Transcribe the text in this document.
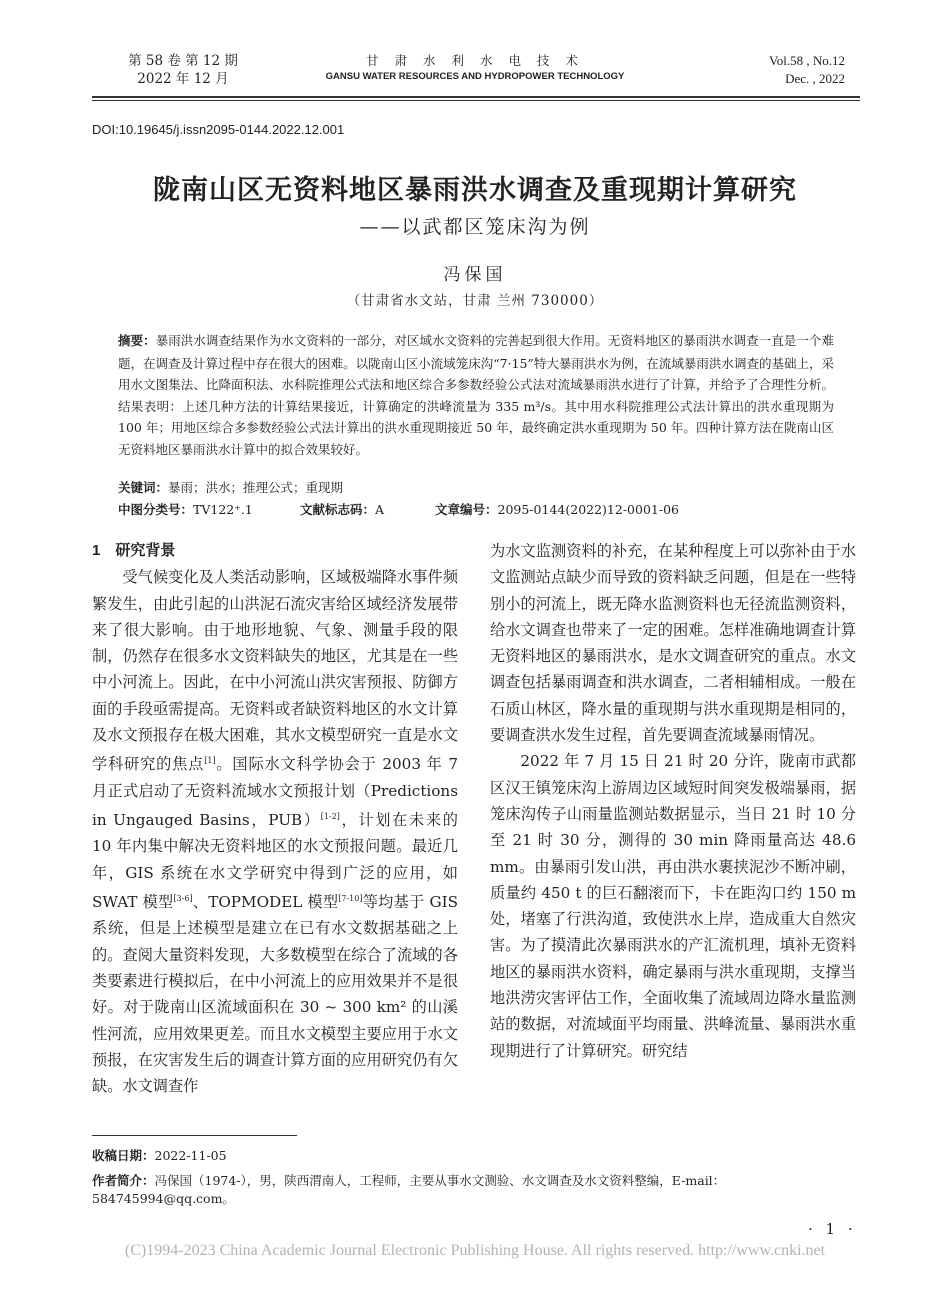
第 58 卷 第 12 期
2022 年 12 月
甘 肃 水 利 水 电 技 术
GANSU WATER RESOURCES AND HYDROPOWER TECHNOLOGY
Vol.58 , No.12
Dec. , 2022
DOI:10.19645/j.issn2095-0144.2022.12.001
陇南山区无资料地区暴雨洪水调查及重现期计算研究
——以武都区笼床沟为例
冯保国
（甘肃省水文站，甘肃 兰州 730000）
摘要：暴雨洪水调查结果作为水文资料的一部分，对区域水文资料的完善起到很大作用。无资料地区的暴雨洪水调查一直是一个难题，在调查及计算过程中存在很大的困难。以陇南山区小流域笼床沟“7·15”特大暴雨洪水为例，在流域暴雨洪水调查的基础上，采用水文图集法、比降面积法、水科院推理公式法和地区综合多参数经验公式法对流域暴雨洪水进行了计算，并给予了合理性分析。结果表明：上述几种方法的计算结果接近，计算确定的洪峰流量为 335 m³/s。其中用水科院推理公式法计算出的洪水重现期为 100 年；用地区综合多参数经验公式法计算出的洪水重现期接近 50 年，最终确定洪水重现期为 50 年。四种计算方法在陇南山区无资料地区暴雨洪水计算中的拟合效果较好。
关键词：暴雨；洪水；推理公式；重现期
中图分类号：TV122⁺.1	文献标志码：A	文章编号：2095-0144(2022)12-0001-06

1　研究背景

受气候变化及人类活动影响，区域极端降水事件频繁发生，由此引起的山洪泥石流灾害给区域经济发展带来了很大影响。由于地形地貌、气象、测量手段的限制，仍然存在很多水文资料缺失的地区，尤其是在一些中小河流上。因此，在中小河流山洪灾害预报、防御方面的手段亟需提高。无资料或者缺资料地区的水文计算及水文预报存在极大困难，其水文模型研究一直是水文学科研究的焦点[1]。国际水文科学协会于 2003 年 7 月正式启动了无资料流域水文预报计划（Predictions in Ungauged Basins，PUB）[1-2]，计划在未来的 10 年内集中解决无资料地区的水文预报问题。最近几年，GIS 系统在水文学研究中得到广泛的应用，如 SWAT 模型[3-6]、TOPMODEL 模型[7-10]等均基于 GIS 系统，但是上述模型是建立在已有水文数据基础之上的。查阅大量资料发现，大多数模型在综合了流域的各类要素进行模拟后，在中小河流上的应用效果并不是很好。对于陇南山区流域面积在 30 ~ 300 km² 的山溪性河流，应用效果更差。而且水文模型主要应用于水文预报，在灾害发生后的调查计算方面的应用研究仍有欠缺。水文调查作

为水文监测资料的补充，在某种程度上可以弥补由于水文监测站点缺少而导致的资料缺乏问题，但是在一些特别小的河流上，既无降水监测资料也无径流监测资料，给水文调查也带来了一定的困难。怎样准确地调查计算无资料地区的暴雨洪水，是水文调查研究的重点。水文调查包括暴雨调查和洪水调查，二者相辅相成。一般在石质山林区，降水量的重现期与洪水重现期是相同的，要调查洪水发生过程，首先要调查流域暴雨情况。

2022 年 7 月 15 日 21 时 20 分许，陇南市武都区汉王镇笼床沟上游周边区域短时间突发极端暴雨，据笼床沟传子山雨量监测站数据显示，当日 21 时 10 分至 21 时 30 分，测得的 30 min 降雨量高达 48.6 mm。由暴雨引发山洪，再由洪水裹挟泥沙不断冲刷，质量约 450 t 的巨石翻滚而下，卡在距沟口约 150 m 处，堵塞了行洪沟道，致使洪水上岸，造成重大自然灾害。为了摸清此次暴雨洪水的产汇流机理，填补无资料地区的暴雨洪水资料，确定暴雨与洪水重现期，支撑当地洪涝灾害评估工作，全面收集了流域周边降水量监测站的数据，对流域面平均雨量、洪峰流量、暴雨洪水重现期进行了计算研究。研究结

收稿日期：2022-11-05
作者简介：冯保国（1974-），男，陕西渭南人，工程师，主要从事水文测验、水文调查及水文资料整编，E-mail：584745994@qq.com。
· 1 ·
(C)1994-2023 China Academic Journal Electronic Publishing House. All rights reserved. http://www.cnki.net
